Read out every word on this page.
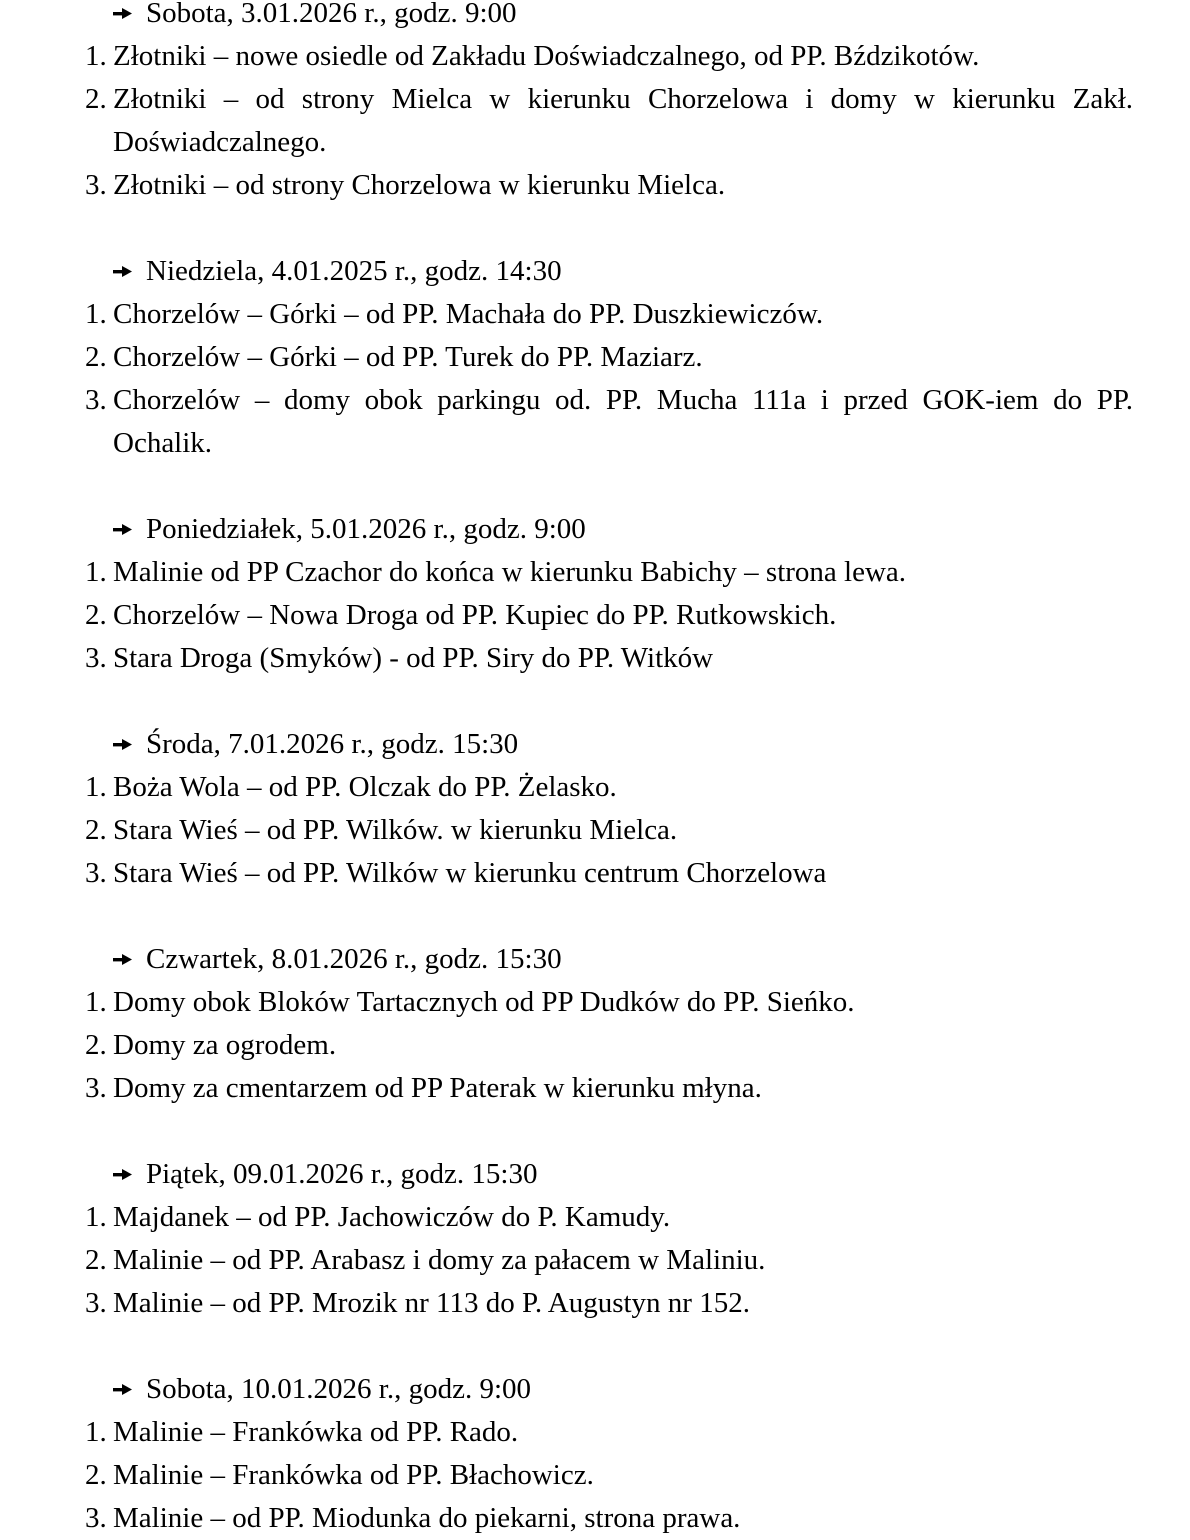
Sobota, 3.01.2026 r., godz. 9:00
1. Złotniki – nowe osiedle od Zakładu Doświadczalnego, od PP. Bździkotów.
2. Złotniki – od strony Mielca w kierunku Chorzelowa i domy w kierunku Zakł. Doświadczalnego.
3. Złotniki – od strony Chorzelowa w kierunku Mielca.
Niedziela, 4.01.2025 r., godz. 14:30
1. Chorzelów – Górki – od PP. Machała do PP. Duszkiewiczów.
2. Chorzelów – Górki – od PP. Turek do PP. Maziarz.
3. Chorzelów – domy obok parkingu od. PP. Mucha 111a i przed GOK-iem do PP. Ochalik.
Poniedziałek, 5.01.2026 r., godz. 9:00
1. Malinie od PP Czachor do końca w kierunku Babichy – strona lewa.
2. Chorzelów – Nowa Droga od PP. Kupiec do PP. Rutkowskich.
3. Stara Droga (Smyków) - od PP. Siry do PP. Witków
Środa, 7.01.2026 r., godz. 15:30
1. Boża Wola – od PP. Olczak do PP. Żelasko.
2. Stara Wieś – od PP. Wilków. w kierunku Mielca.
3. Stara Wieś – od PP. Wilków w kierunku centrum Chorzelowa
Czwartek, 8.01.2026 r., godz. 15:30
1. Domy obok Bloków Tartacznych od PP Dudków do PP. Sieńko.
2. Domy za ogrodem.
3. Domy za cmentarzem od PP Paterak w kierunku młyna.
Piątek, 09.01.2026 r., godz. 15:30
1. Majdanek – od PP. Jachowiczów do P. Kamudy.
2. Malinie – od PP. Arabasz i domy za pałacem w Maliniu.
3. Malinie – od PP. Mrozik nr 113 do P. Augustyn nr 152.
Sobota, 10.01.2026 r., godz. 9:00
1. Malinie – Frankówka od PP. Rado.
2. Malinie – Frankówka od PP. Błachowicz.
3. Malinie – od PP. Miodunka do piekarni, strona prawa.
